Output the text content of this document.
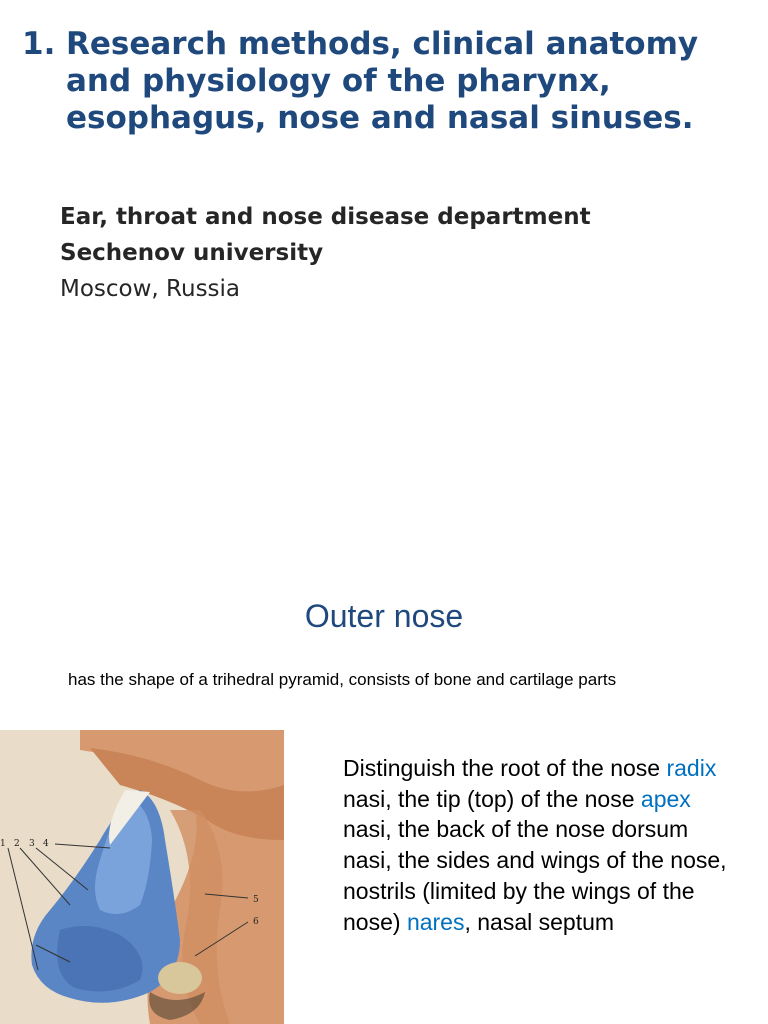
1. Research methods, clinical anatomy and physiology of the pharynx, esophagus, nose and nasal sinuses.
Ear, throat and nose disease department
Sechenov university
Moscow, Russia
Outer nose
has the shape of a trihedral pyramid, consists of bone and cartilage parts
1 2 3 4
5
6
Distinguish the root of the nose radix nasi, the tip (top) of the nose apex nasi, the back of the nose dorsum nasi, the sides and wings of the nose, nostrils (limited by the wings of the nose) nares, nasal septum
